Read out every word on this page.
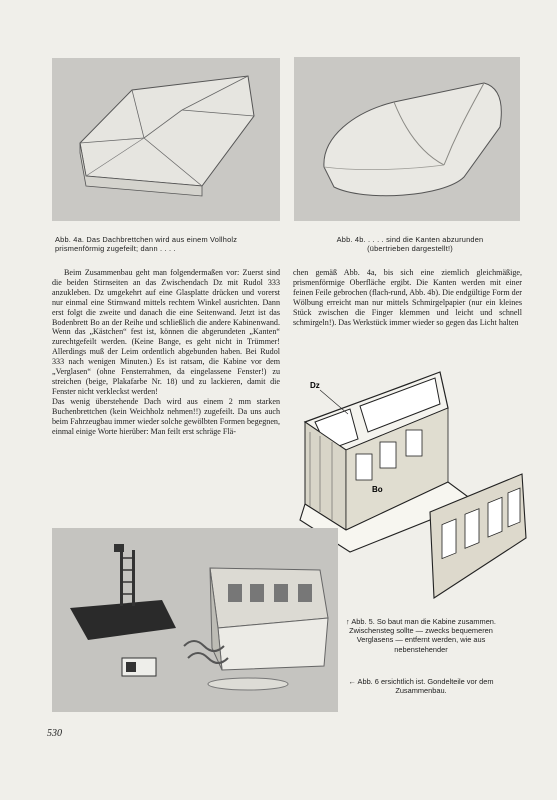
Abb. 4a. Das Dachbrettchen wird aus einem Vollholz prismenförmig zugefeilt; dann . . . .
Abb. 4b. . . . . sind die Kanten abzurunden
(übertrieben dargestellt!)

Beim Zusammenbau geht man folgendermaßen vor: Zuerst sind die beiden Stirnseiten an das Zwischendach Dz mit Rudol 333 anzukleben. Dz umgekehrt auf eine Glasplatte drücken und vorerst nur einmal eine Stirnwand mittels rechtem Winkel ausrichten. Dann erst folgt die zweite und danach die eine Seitenwand. Jetzt ist das Bodenbrett Bo an der Reihe und schließlich die andere Kabinenwand. Wenn das „Kästchen“ fest ist, können die abgerundeten „Kanten“ zurechtgefeilt werden. (Keine Bange, es geht nicht in Trümmer! Allerdings muß der Leim ordentlich abgebunden haben. Bei Rudol 333 nach wenigen Minuten.) Es ist ratsam, die Kabine vor dem „Verglasen“ (ohne Fensterrahmen, da eingelassene Fenster!) zu streichen (beige, Plakafarbe Nr. 18) und zu lackieren, damit die Fenster nicht verkleckst werden!

Das wenig überstehende Dach wird aus einem 2 mm starken Buchenbrettchen (kein Weichholz nehmen!!) zugefeilt. Da uns auch beim Fahrzeugbau immer wieder solche gewölbten Formen begegnen, einmal einige Worte hierüber: Man feilt erst schräge Flä-

chen gemäß Abb. 4a, bis sich eine ziemlich gleichmäßige, prismenförmige Oberfläche ergibt. Die Kanten werden mit einer feinen Feile gebrochen (flach-rund, Abb. 4b). Die endgültige Form der Wölbung erreicht man nur mittels Schmirgelpapier (nur ein kleines Stück zwischen die Finger klemmen und leicht und schnell schmirgeln!). Das Werkstück immer wieder so gegen das Licht halten

Dz
Bo
↑ Abb. 5. So baut man die Kabine zusammen. Zwischensteg sollte — zwecks bequemeren Verglasens — entfernt werden, wie aus nebenstehender
← Abb. 6 ersichtlich ist. Gondelteile vor dem Zusammenbau.
530
